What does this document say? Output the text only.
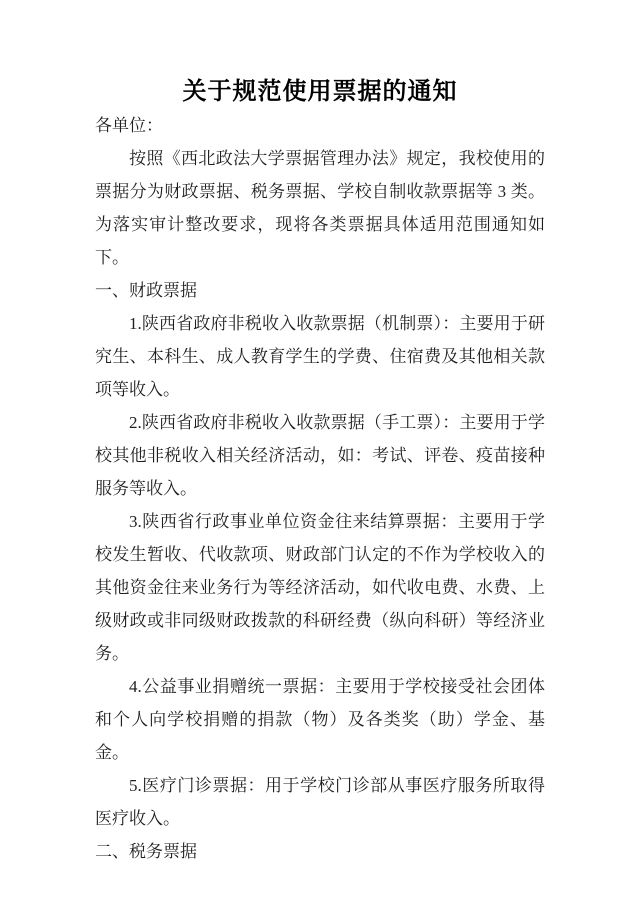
关于规范使用票据的通知

各单位：

按照《西北政法大学票据管理办法》规定，我校使用的票据分为财政票据、税务票据、学校自制收款票据等 3 类。为落实审计整改要求，现将各类票据具体适用范围通知如下。

一、财政票据

1.陕西省政府非税收入收款票据（机制票）：主要用于研究生、本科生、成人教育学生的学费、住宿费及其他相关款项等收入。

2.陕西省政府非税收入收款票据（手工票）：主要用于学校其他非税收入相关经济活动，如：考试、评卷、疫苗接种服务等收入。

3.陕西省行政事业单位资金往来结算票据：主要用于学校发生暂收、代收款项、财政部门认定的不作为学校收入的其他资金往来业务行为等经济活动，如代收电费、水费、上级财政或非同级财政拨款的科研经费（纵向科研）等经济业务。

4.公益事业捐赠统一票据：主要用于学校接受社会团体和个人向学校捐赠的捐款（物）及各类奖（助）学金、基金。

5.医疗门诊票据：用于学校门诊部从事医疗服务所取得医疗收入。

二、税务票据
